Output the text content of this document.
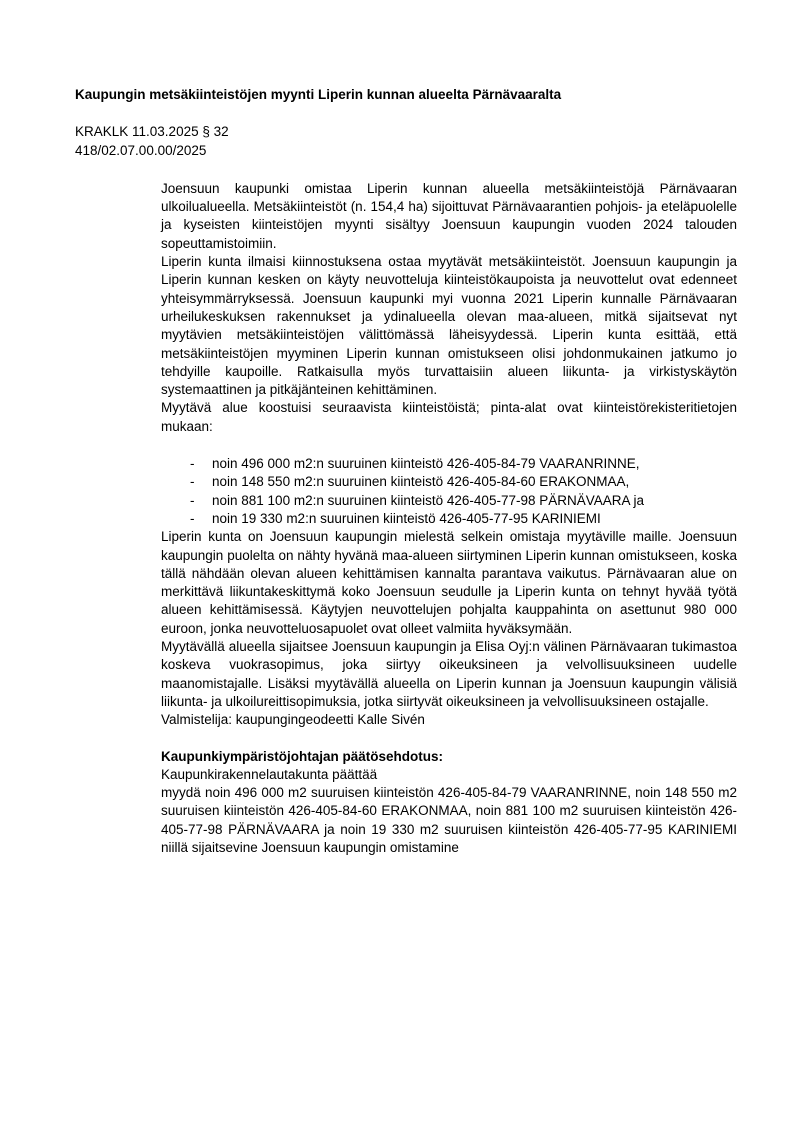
Kaupungin metsäkiinteistöjen myynti Liperin kunnan alueelta Pärnävaaralta
KRAKLK 11.03.2025 § 32
418/02.07.00.00/2025

Joensuun kaupunki omistaa Liperin kunnan alueella metsäkiinteistöjä Pärnävaaran ulkoilualueella. Metsäkiinteistöt (n. 154,4 ha) sijoittuvat Pärnävaarantien pohjois- ja eteläpuolelle ja kyseisten kiinteistöjen myynti sisältyy Joensuun kaupungin vuoden 2024 talouden sopeuttamistoimiin.

Liperin kunta ilmaisi kiinnostuksena ostaa myytävät metsäkiinteistöt. Joensuun kaupungin ja Liperin kunnan kesken on käyty neuvotteluja kiinteistökaupoista ja neuvottelut ovat edenneet yhteisymmärryksessä. Joensuun kaupunki myi vuonna 2021 Liperin kunnalle Pärnävaaran urheilukeskuksen rakennukset ja ydinalueella olevan maa-alueen, mitkä sijaitsevat nyt myytävien metsäkiinteistöjen välittömässä läheisyydessä. Liperin kunta esittää, että metsäkiinteistöjen myyminen Liperin kunnan omistukseen olisi johdonmukainen jatkumo jo tehdyille kaupoille. Ratkaisulla myös turvattaisiin alueen liikunta- ja virkistyskäytön systemaattinen ja pitkäjänteinen kehittäminen.

Myytävä alue koostuisi seuraavista kiinteistöistä; pinta-alat ovat kiinteistörekisteritietojen mukaan:

-	noin 496 000 m2:n suuruinen kiinteistö 426-405-84-79 VAARANRINNE,
-	noin 148 550 m2:n suuruinen kiinteistö 426-405-84-60 ERAKONMAA,
-	noin 881 100 m2:n suuruinen kiinteistö 426-405-77-98 PÄRNÄVAARA ja
-	noin 19 330 m2:n suuruinen kiinteistö 426-405-77-95 KARINIEMI

Liperin kunta on Joensuun kaupungin mielestä selkein omistaja myytäville maille. Joensuun kaupungin puolelta on nähty hyvänä maa-alueen siirtyminen Liperin kunnan omistukseen, koska tällä nähdään olevan alueen kehittämisen kannalta parantava vaikutus. Pärnävaaran alue on merkittävä liikuntakeskittymä koko Joensuun seudulle ja Liperin kunta on tehnyt hyvää työtä alueen kehittämisessä. Käytyjen neuvottelujen pohjalta kauppahinta on asettunut 980 000 euroon, jonka neuvotteluosapuolet ovat olleet valmiita hyväksymään.

Myytävällä alueella sijaitsee Joensuun kaupungin ja Elisa Oyj:n välinen Pärnävaaran tukimastoa koskeva vuokrasopimus, joka siirtyy oikeuksineen ja velvollisuuksineen uudelle maanomistajalle. Lisäksi myytävällä alueella on Liperin kunnan ja Joensuun kaupungin välisiä liikunta- ja ulkoilureittisopimuksia, jotka siirtyvät oikeuksineen ja velvollisuuksineen ostajalle.

Valmistelija: kaupungingeodeetti Kalle Sivén

Kaupunkiympäristöjohtajan päätösehdotus:

Kaupunkirakennelautakunta päättää

myydä noin 496 000 m2 suuruisen kiinteistön 426-405-84-79 VAARANRINNE, noin 148 550 m2 suuruisen kiinteistön 426-405-84-60 ERAKONMAA, noin 881 100 m2 suuruisen kiinteistön 426-405-77-98 PÄRNÄVAARA ja noin 19 330 m2 suuruisen kiinteistön 426-405-77-95 KARINIEMI niillä sijaitsevine Joensuun kaupungin omistamine
